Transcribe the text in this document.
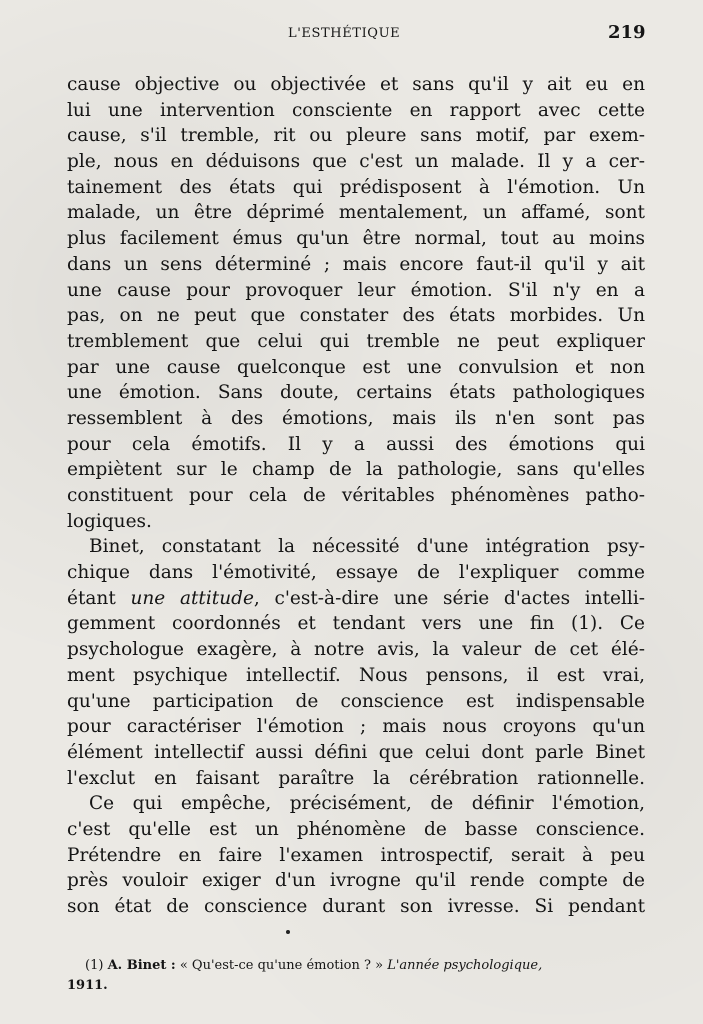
L'ESTHÉTIQUE	219
cause objective ou objectivée et sans qu'il y ait eu en
lui une intervention consciente en rapport avec cette
cause, s'il tremble, rit ou pleure sans motif, par exem-
ple, nous en déduisons que c'est un malade. Il y a cer-
tainement des états qui prédisposent à l'émotion. Un
malade, un être déprimé mentalement, un affamé, sont
plus facilement émus qu'un être normal, tout au moins
dans un sens déterminé ; mais encore faut-il qu'il y ait
une cause pour provoquer leur émotion. S'il n'y en a
pas, on ne peut que constater des états morbides. Un
tremblement que celui qui tremble ne peut expliquer
par une cause quelconque est une convulsion et non
une émotion. Sans doute, certains états pathologiques
ressemblent à des émotions, mais ils n'en sont pas
pour cela émotifs. Il y a aussi des émotions qui
empiètent sur le champ de la pathologie, sans qu'elles
constituent pour cela de véritables phénomènes patho-
logiques.
Binet, constatant la nécessité d'une intégration psy-
chique dans l'émotivité, essaye de l'expliquer comme
étant une attitude, c'est-à-dire une série d'actes intelli-
gemment coordonnés et tendant vers une fin (1). Ce
psychologue exagère, à notre avis, la valeur de cet élé-
ment psychique intellectif. Nous pensons, il est vrai,
qu'une participation de conscience est indispensable
pour caractériser l'émotion ; mais nous croyons qu'un
élément intellectif aussi défini que celui dont parle Binet
l'exclut en faisant paraître la cérébration rationnelle.
Ce qui empêche, précisément, de définir l'émotion,
c'est qu'elle est un phénomène de basse conscience.
Prétendre en faire l'examen introspectif, serait à peu
près vouloir exiger d'un ivrogne qu'il rende compte de
son état de conscience durant son ivresse. Si pendant
(1) A. Binet : « Qu'est-ce qu'une émotion ? » L'année psychologique,
1911.
